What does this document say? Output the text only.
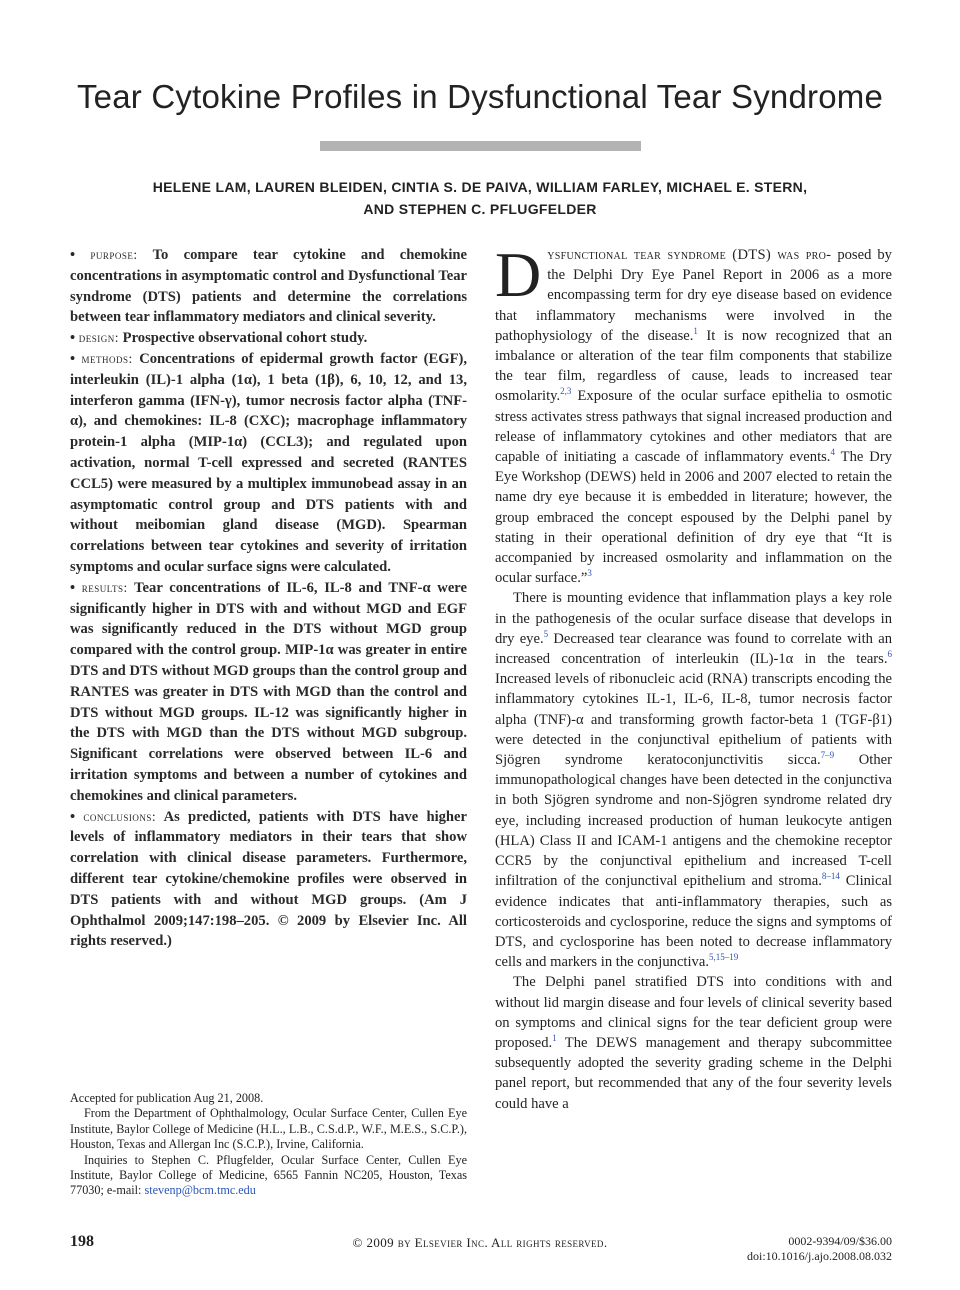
Tear Cytokine Profiles in Dysfunctional Tear Syndrome
HELENE LAM, LAUREN BLEIDEN, CINTIA S. DE PAIVA, WILLIAM FARLEY, MICHAEL E. STERN,
AND STEPHEN C. PFLUGFELDER

• purpose: To compare tear cytokine and chemokine concentrations in asymptomatic control and Dysfunctional Tear syndrome (DTS) patients and determine the correlations between tear inflammatory mediators and clinical severity.

• design: Prospective observational cohort study.

• methods: Concentrations of epidermal growth factor (EGF), interleukin (IL)-1 alpha (1α), 1 beta (1β), 6, 10, 12, and 13, interferon gamma (IFN-γ), tumor necrosis factor alpha (TNF-α), and chemokines: IL-8 (CXC); macrophage inflammatory protein-1 alpha (MIP-1α) (CCL3); and regulated upon activation, normal T-cell expressed and secreted (RANTES CCL5) were measured by a multiplex immunobead assay in an asymptomatic control group and DTS patients with and without meibomian gland disease (MGD). Spearman correlations between tear cytokines and severity of irritation symptoms and ocular surface signs were calculated.

• results: Tear concentrations of IL-6, IL-8 and TNF-α were significantly higher in DTS with and without MGD and EGF was significantly reduced in the DTS without MGD group compared with the control group. MIP-1α was greater in entire DTS and DTS without MGD groups than the control group and RANTES was greater in DTS with MGD than the control and DTS without MGD groups. IL-12 was significantly higher in the DTS with MGD than the DTS without MGD subgroup. Significant correlations were observed between IL-6 and irritation symptoms and between a number of cytokines and chemokines and clinical parameters.

• conclusions: As predicted, patients with DTS have higher levels of inflammatory mediators in their tears that show correlation with clinical disease parameters. Furthermore, different tear cytokine/chemokine profiles were observed in DTS patients with and without MGD groups. (Am J Ophthalmol 2009;147:198–205. © 2009 by Elsevier Inc. All rights reserved.)

Accepted for publication Aug 21, 2008.

From the Department of Ophthalmology, Ocular Surface Center, Cullen Eye Institute, Baylor College of Medicine (H.L., L.B., C.S.d.P., W.F., M.E.S., S.C.P.), Houston, Texas and Allergan Inc (S.C.P.), Irvine, California.

Inquiries to Stephen C. Pflugfelder, Ocular Surface Center, Cullen Eye Institute, Baylor College of Medicine, 6565 Fannin NC205, Houston, Texas 77030; e-mail: stevenp@bcm.tmc.edu

Dysfunctional tear syndrome (DTS) was pro- posed by the Delphi Dry Eye Panel Report in 2006 as a more encompassing term for dry eye disease based on evidence that inflammatory mechanisms were involved in the pathophysiology of the disease.$^1$ It is now recognized that an imbalance or alteration of the tear film components that stabilize the tear film, regardless of cause, leads to increased tear osmolarity.$^{2,3}$ Exposure of the ocular surface epithelia to osmotic stress activates stress pathways that signal increased production and release of inflammatory cytokines and other mediators that are capable of initiating a cascade of inflammatory events.$^4$ The Dry Eye Workshop (DEWS) held in 2006 and 2007 elected to retain the name dry eye because it is embedded in literature; however, the group embraced the concept espoused by the Delphi panel by stating in their operational definition of dry eye that “It is accompanied by increased osmolarity and inflammation on the ocular surface.”$^3$

There is mounting evidence that inflammation plays a key role in the pathogenesis of the ocular surface disease that develops in dry eye.$^5$ Decreased tear clearance was found to correlate with an increased concentration of interleukin (IL)-1α in the tears.$^6$ Increased levels of ribonucleic acid (RNA) transcripts encoding the inflammatory cytokines IL-1, IL-6, IL-8, tumor necrosis factor alpha (TNF)-α and transforming growth factor-beta 1 (TGF-β1) were detected in the conjunctival epithelium of patients with Sjögren syndrome keratoconjunctivitis sicca.$^{7-9}$ Other immunopathological changes have been detected in the conjunctiva in both Sjögren syndrome and non-Sjögren syndrome related dry eye, including increased production of human leukocyte antigen (HLA) Class II and ICAM-1 antigens and the chemokine receptor CCR5 by the conjunctival epithelium and increased T-cell infiltration of the conjunctival epithelium and stroma.$^{8-14}$ Clinical evidence indicates that anti-inflammatory therapies, such as corticosteroids and cyclosporine, reduce the signs and symptoms of DTS, and cyclosporine has been noted to decrease inflammatory cells and markers in the conjunctiva.$^{5,15-19}$

The Delphi panel stratified DTS into conditions with and without lid margin disease and four levels of clinical severity based on symptoms and clinical signs for the tear deficient group were proposed.$^1$ The DEWS management and therapy subcommittee subsequently adopted the severity grading scheme in the Delphi panel report, but recommended that any of the four severity levels could have a

198	© 2009 by Elsevier Inc. All rights reserved.	0002-9394/09/$36.00
doi:10.1016/j.ajo.2008.08.032
